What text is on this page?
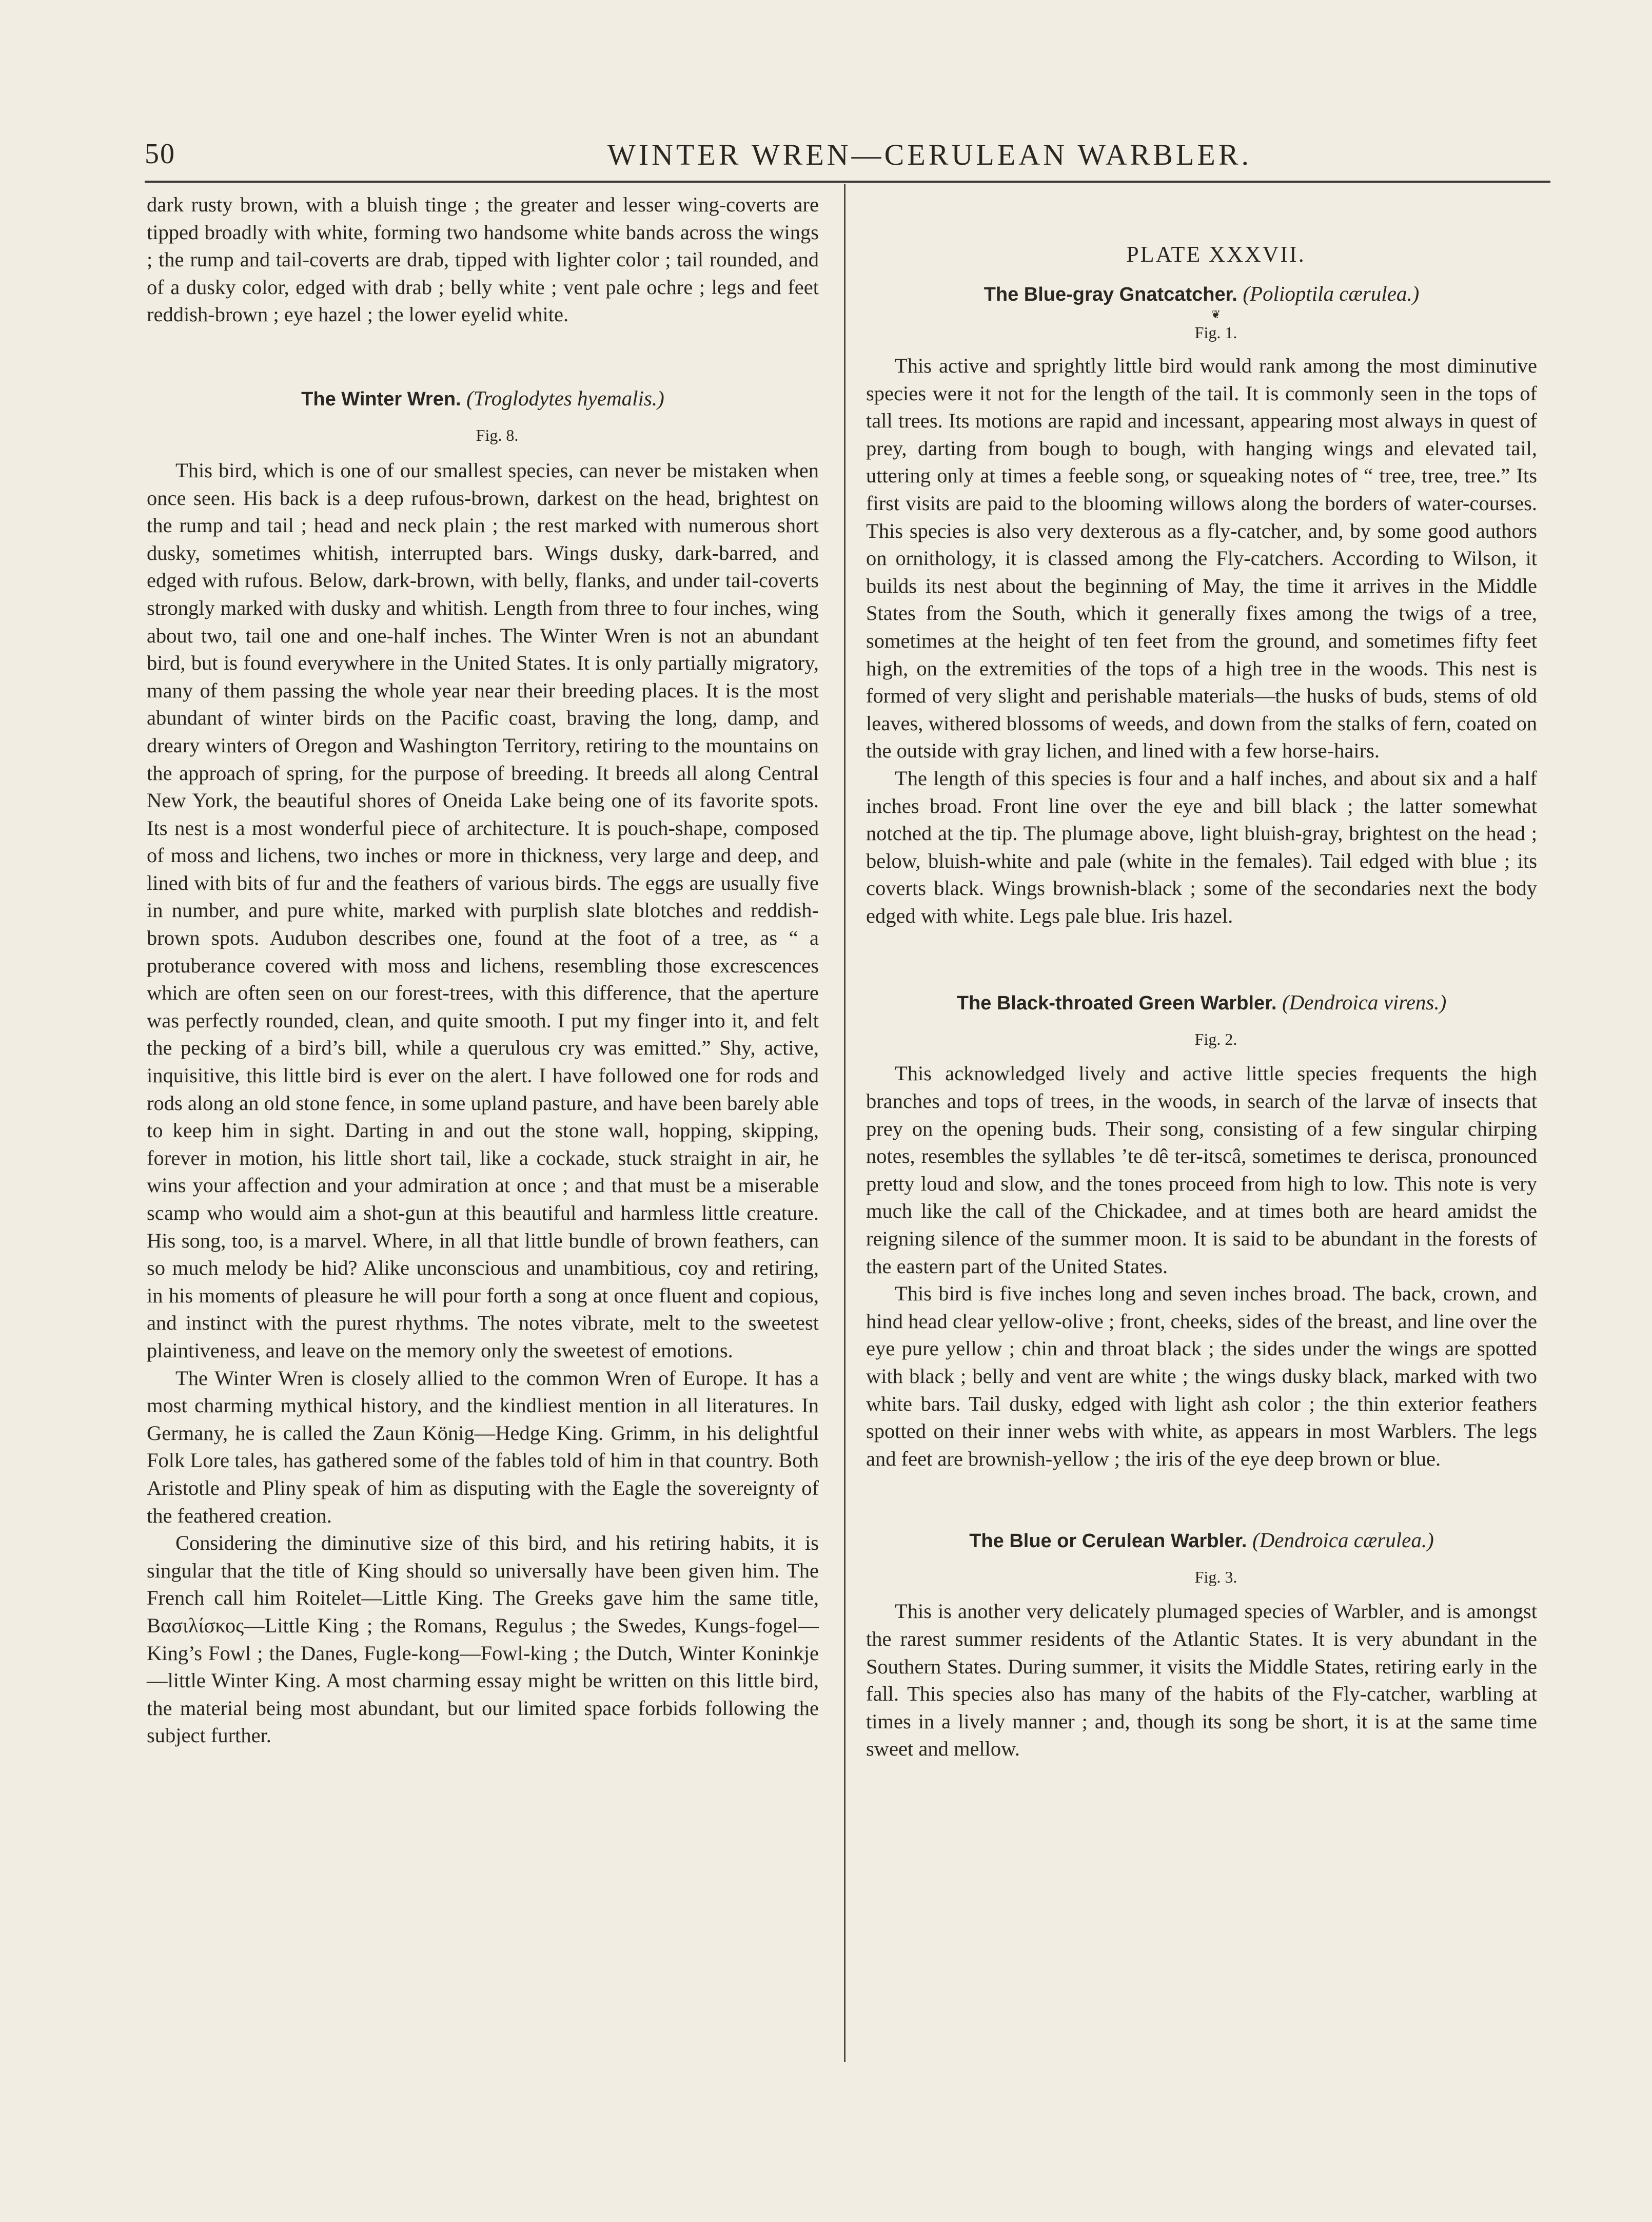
50	WINTER WREN—CERULEAN WARBLER.

dark rusty brown, with a bluish tinge ; the greater and lesser wing-coverts are tipped broadly with white, forming two handsome white bands across the wings ; the rump and tail-coverts are drab, tipped with lighter color ; tail rounded, and of a dusky color, edged with drab ; belly white ; vent pale ochre ; legs and feet reddish-brown ; eye hazel ; the lower eyelid white.

The Winter Wren. (Troglodytes hyemalis.)

Fig. 8.

This bird, which is one of our smallest species, can never be mistaken when once seen. His back is a deep rufous-brown, darkest on the head, brightest on the rump and tail ; head and neck plain ; the rest marked with numerous short dusky, sometimes whitish, interrupted bars. Wings dusky, dark-barred, and edged with rufous. Below, dark-brown, with belly, flanks, and under tail-coverts strongly marked with dusky and whitish. Length from three to four inches, wing about two, tail one and one-half inches. The Winter Wren is not an abundant bird, but is found everywhere in the United States. It is only partially migratory, many of them passing the whole year near their breeding places. It is the most abundant of winter birds on the Pacific coast, braving the long, damp, and dreary winters of Oregon and Washington Territory, retiring to the mountains on the approach of spring, for the purpose of breeding. It breeds all along Central New York, the beautiful shores of Oneida Lake being one of its favorite spots. Its nest is a most wonderful piece of architecture. It is pouch-shape, composed of moss and lichens, two inches or more in thickness, very large and deep, and lined with bits of fur and the feathers of various birds. The eggs are usually five in number, and pure white, marked with purplish slate blotches and reddish-brown spots. Audubon describes one, found at the foot of a tree, as “ a protuberance covered with moss and lichens, resembling those excrescences which are often seen on our forest-trees, with this difference, that the aperture was perfectly rounded, clean, and quite smooth. I put my finger into it, and felt the pecking of a bird’s bill, while a querulous cry was emitted.” Shy, active, inquisitive, this little bird is ever on the alert. I have followed one for rods and rods along an old stone fence, in some upland pasture, and have been barely able to keep him in sight. Darting in and out the stone wall, hopping, skipping, forever in motion, his little short tail, like a cockade, stuck straight in air, he wins your affection and your admiration at once ; and that must be a miserable scamp who would aim a shot-gun at this beautiful and harmless little creature. His song, too, is a marvel. Where, in all that little bundle of brown feathers, can so much melody be hid? Alike unconscious and unambitious, coy and retiring, in his moments of pleasure he will pour forth a song at once fluent and copious, and instinct with the purest rhythms. The notes vibrate, melt to the sweetest plaintiveness, and leave on the memory only the sweetest of emotions.

The Winter Wren is closely allied to the common Wren of Europe. It has a most charming mythical history, and the kindliest mention in all literatures. In Germany, he is called the Zaun König—Hedge King. Grimm, in his delightful Folk Lore tales, has gathered some of the fables told of him in that country. Both Aristotle and Pliny speak of him as disputing with the Eagle the sovereignty of the feathered creation.

Considering the diminutive size of this bird, and his retiring habits, it is singular that the title of King should so universally have been given him. The French call him Roitelet—Little King. The Greeks gave him the same title, Βασιλίσκος—Little King ; the Romans, Regulus ; the Swedes, Kungs-fogel—King’s Fowl ; the Danes, Fugle-kong—Fowl-king ; the Dutch, Winter Koninkje—little Winter King. A most charming essay might be written on this little bird, the material being most abundant, but our limited space forbids following the subject further.

PLATE XXXVII.

The Blue-gray Gnatcatcher. (Polioptila cærulea.)

❦

Fig. 1.

This active and sprightly little bird would rank among the most diminutive species were it not for the length of the tail. It is commonly seen in the tops of tall trees. Its motions are rapid and incessant, appearing most always in quest of prey, darting from bough to bough, with hanging wings and elevated tail, uttering only at times a feeble song, or squeaking notes of “ tree, tree, tree.” Its first visits are paid to the blooming willows along the borders of water-courses. This species is also very dexterous as a fly-catcher, and, by some good authors on ornithology, it is classed among the Fly-catchers. According to Wilson, it builds its nest about the beginning of May, the time it arrives in the Middle States from the South, which it generally fixes among the twigs of a tree, sometimes at the height of ten feet from the ground, and sometimes fifty feet high, on the extremities of the tops of a high tree in the woods. This nest is formed of very slight and perishable materials—the husks of buds, stems of old leaves, withered blossoms of weeds, and down from the stalks of fern, coated on the outside with gray lichen, and lined with a few horse-hairs.

The length of this species is four and a half inches, and about six and a half inches broad. Front line over the eye and bill black ; the latter somewhat notched at the tip. The plumage above, light bluish-gray, brightest on the head ; below, bluish-white and pale (white in the females). Tail edged with blue ; its coverts black. Wings brownish-black ; some of the secondaries next the body edged with white. Legs pale blue. Iris hazel.

The Black-throated Green Warbler. (Dendroica virens.)

Fig. 2.

This acknowledged lively and active little species frequents the high branches and tops of trees, in the woods, in search of the larvæ of insects that prey on the opening buds. Their song, consisting of a few singular chirping notes, resembles the syllables ’te dê ter-itscâ, sometimes te derisca, pronounced pretty loud and slow, and the tones proceed from high to low. This note is very much like the call of the Chickadee, and at times both are heard amidst the reigning silence of the summer moon. It is said to be abundant in the forests of the eastern part of the United States.

This bird is five inches long and seven inches broad. The back, crown, and hind head clear yellow-olive ; front, cheeks, sides of the breast, and line over the eye pure yellow ; chin and throat black ; the sides under the wings are spotted with black ; belly and vent are white ; the wings dusky black, marked with two white bars. Tail dusky, edged with light ash color ; the thin exterior feathers spotted on their inner webs with white, as appears in most Warblers. The legs and feet are brownish-yellow ; the iris of the eye deep brown or blue.

The Blue or Cerulean Warbler. (Dendroica cærulea.)

Fig. 3.

This is another very delicately plumaged species of Warbler, and is amongst the rarest summer residents of the Atlantic States. It is very abundant in the Southern States. During summer, it visits the Middle States, retiring early in the fall. This species also has many of the habits of the Fly-catcher, warbling at times in a lively manner ; and, though its song be short, it is at the same time sweet and mellow.
